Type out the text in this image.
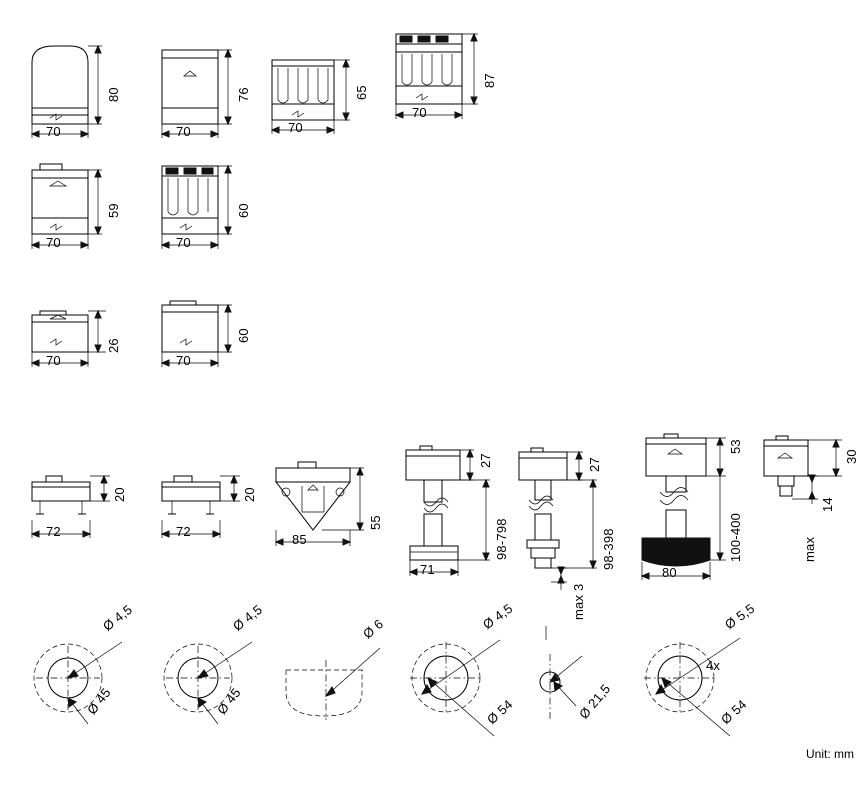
80
70
76
70
65
70
87
70
59
70
60
70
26
70
60
70
20
72
20
72
55
85
27
98-798
71
27
98-398
max 3
53
100-400
80
30
14
max
Ø 4,5
Ø 45
Ø 4,5
Ø 45
Ø 6	Ø 4,5
Ø 54	Ø 21,5
Ø 5,5
4x
Ø 54
Unit: mm
